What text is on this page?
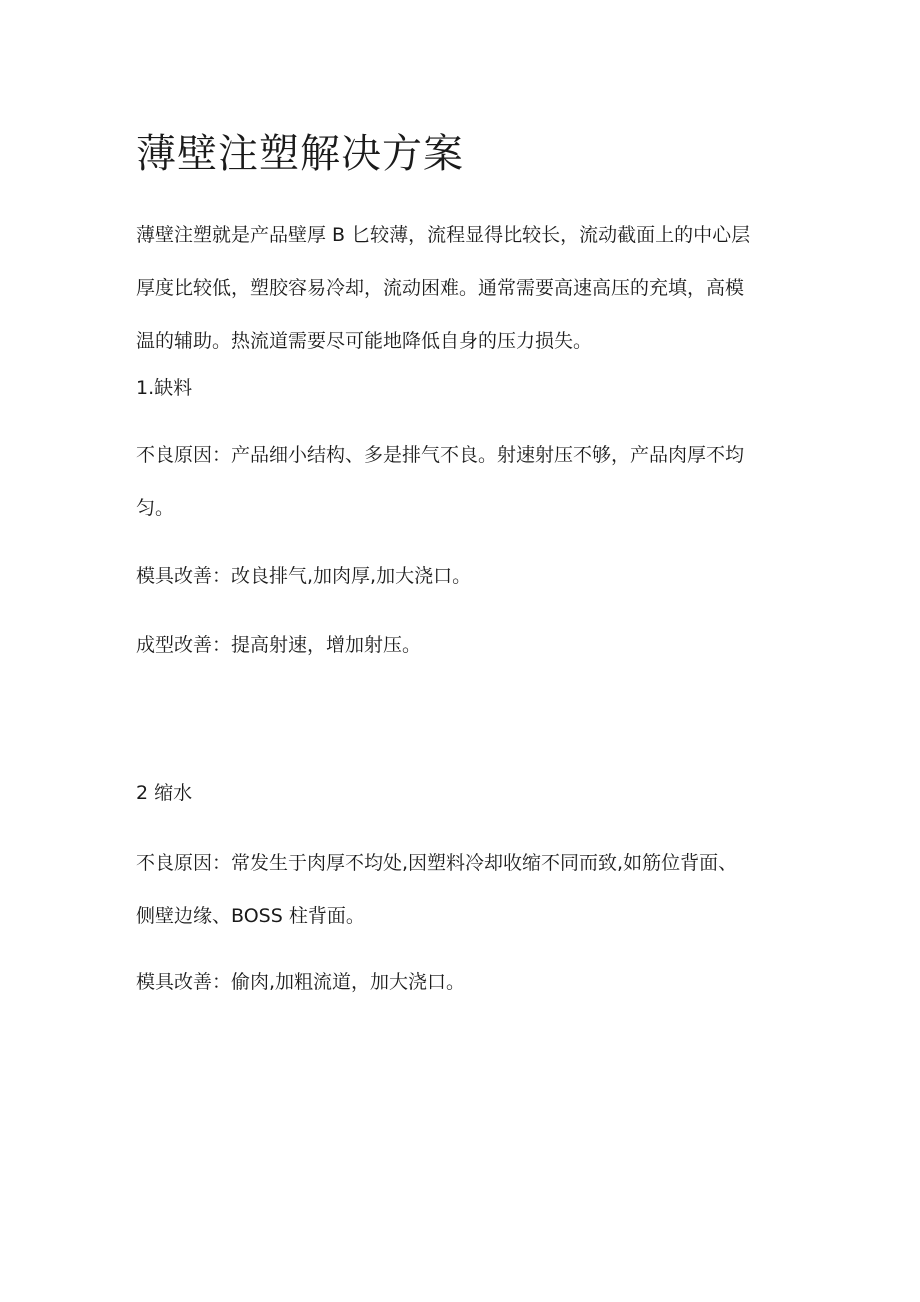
薄壁注塑解决方案

薄壁注塑就是产品壁厚 B 匕较薄，流程显得比较长，流动截面上的中心层
厚度比较低，塑胶容易冷却，流动困难。通常需要高速高压的充填，高模
温的辅助。热流道需要尽可能地降低自身的压力损失。

1.缺料

不良原因：产品细小结构、多是排气不良。射速射压不够，产品肉厚不均
匀。

模具改善：改良排气,加肉厚,加大浇口。

成型改善：提高射速，增加射压。

2 缩水

不良原因：常发生于肉厚不均处,因塑料冷却收缩不同而致,如筋位背面、
侧壁边缘、BOSS 柱背面。

模具改善：偷肉,加粗流道，加大浇口。
